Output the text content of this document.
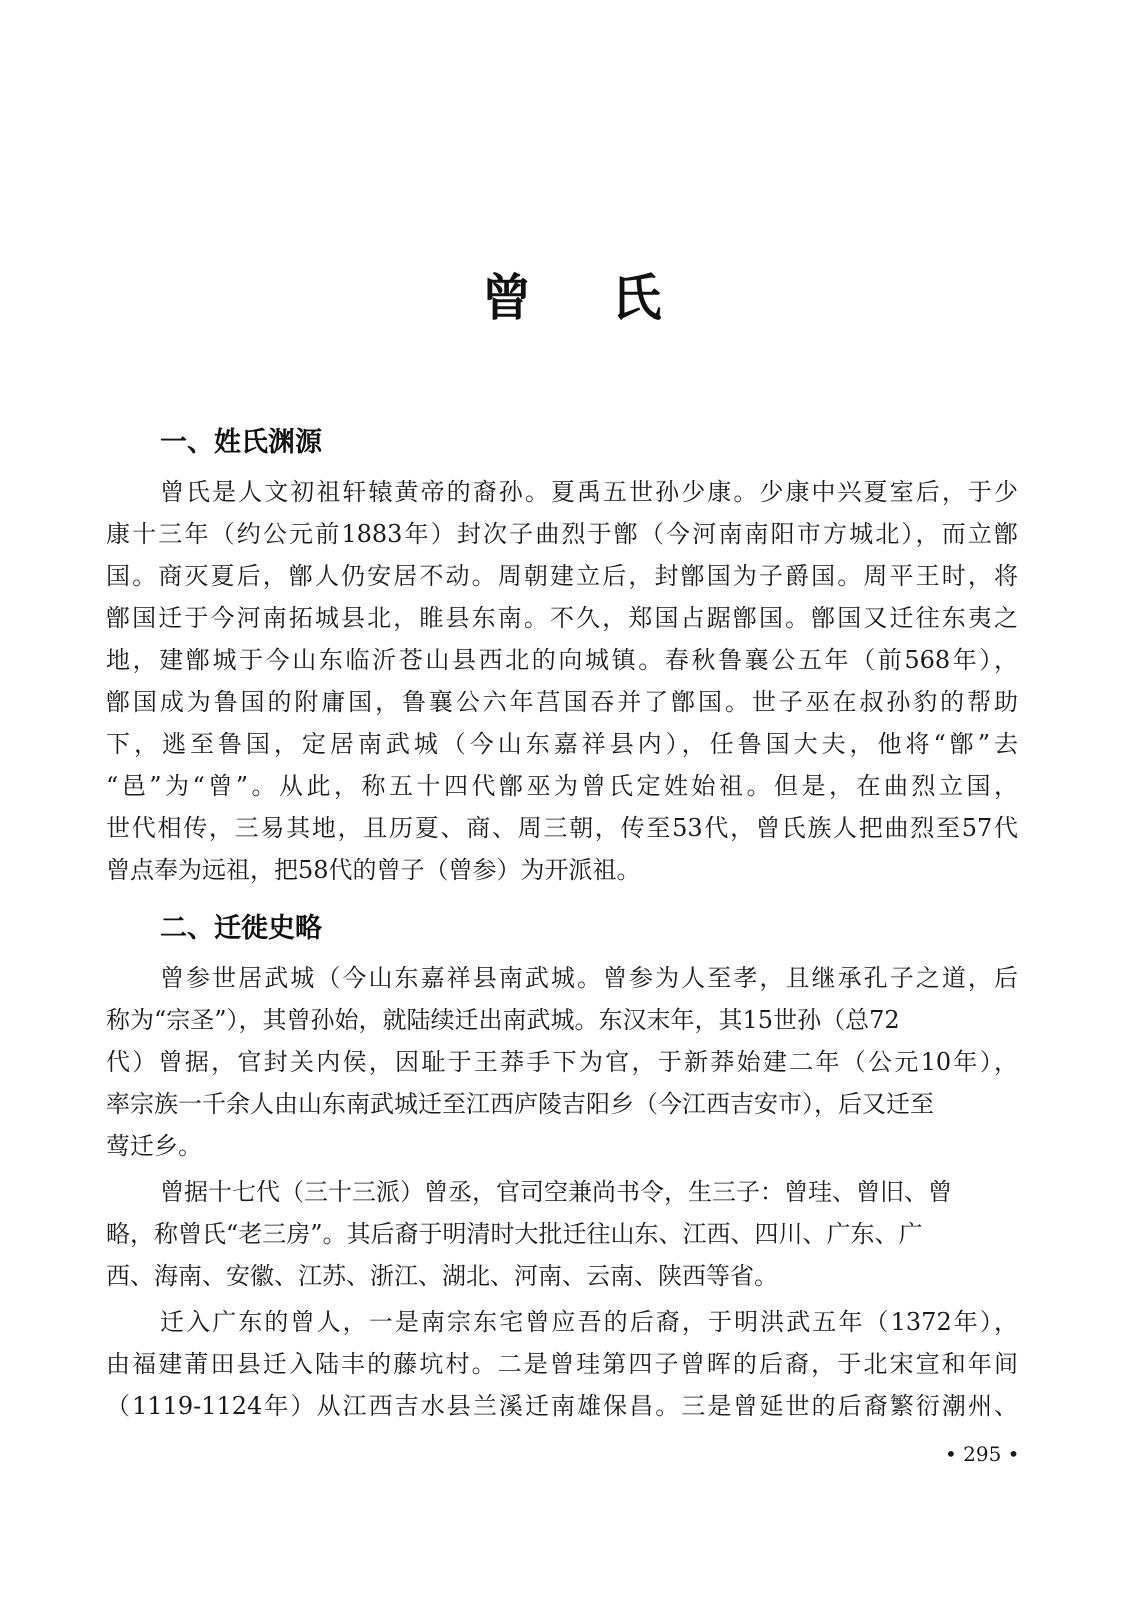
曾 氏
一、姓氏渊源
曾氏是人文初祖轩辕黄帝的裔孙。夏禹五世孙少康。少康中兴夏室后，于少
康十三年（约公元前1883年）封次子曲烈于鄫（今河南南阳市方城北），而立鄫
国。商灭夏后，鄫人仍安居不动。周朝建立后，封鄫国为子爵国。周平王时，将
鄫国迁于今河南拓城县北，睢县东南。不久，郑国占踞鄫国。鄫国又迁往东夷之
地，建鄫城于今山东临沂苍山县西北的向城镇。春秋鲁襄公五年（前568年），
鄫国成为鲁国的附庸国，鲁襄公六年莒国吞并了鄫国。世子巫在叔孙豹的帮助
下，逃至鲁国，定居南武城（今山东嘉祥县内），任鲁国大夫，他将“鄫”去
“邑”为“曾”。从此，称五十四代鄫巫为曾氏定姓始祖。但是，在曲烈立国，
世代相传，三易其地，且历夏、商、周三朝，传至53代，曾氏族人把曲烈至57代
曾点奉为远祖，把58代的曾子（曾参）为开派祖。
二、迁徙史略
曾参世居武城（今山东嘉祥县南武城。曾参为人至孝，且继承孔子之道，后
称为“宗圣”），其曾孙始，就陆续迁出南武城。东汉末年，其15世孙（总72
代）曾据，官封关内侯，因耻于王莽手下为官，于新莽始建二年（公元10年），
率宗族一千余人由山东南武城迁至江西庐陵吉阳乡（今江西吉安市），后又迁至
莺迁乡。
曾据十七代（三十三派）曾丞，官司空兼尚书令，生三子：曾珪、曾旧、曾
略，称曾氏“老三房”。其后裔于明清时大批迁往山东、江西、四川、广东、广
西、海南、安徽、江苏、浙江、湖北、河南、云南、陕西等省。
迁入广东的曾人，一是南宗东宅曾应吾的后裔，于明洪武五年（1372年），
由福建莆田县迁入陆丰的藤坑村。二是曾珪第四子曾晖的后裔，于北宋宣和年间
（1119-1124年）从江西吉水县兰溪迁南雄保昌。三是曾延世的后裔繁衍潮州、
• 295 •
